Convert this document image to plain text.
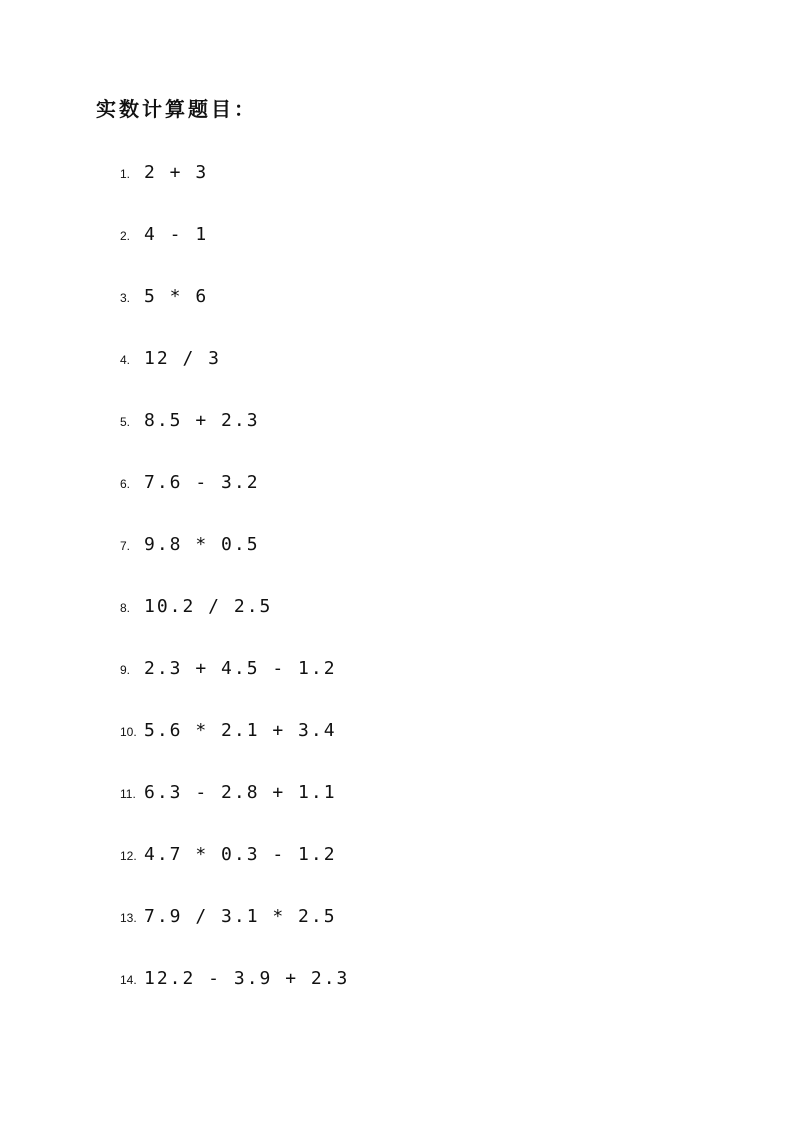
实数计算题目：
1. 2 + 3
2. 4 - 1
3. 5 * 6
4. 12 / 3
5. 8.5 + 2.3
6. 7.6 - 3.2
7. 9.8 * 0.5
8. 10.2 / 2.5
9. 2.3 + 4.5 - 1.2
10. 5.6 * 2.1 + 3.4
11. 6.3 - 2.8 + 1.1
12. 4.7 * 0.3 - 1.2
13. 7.9 / 3.1 * 2.5
14. 12.2 - 3.9 + 2.3
